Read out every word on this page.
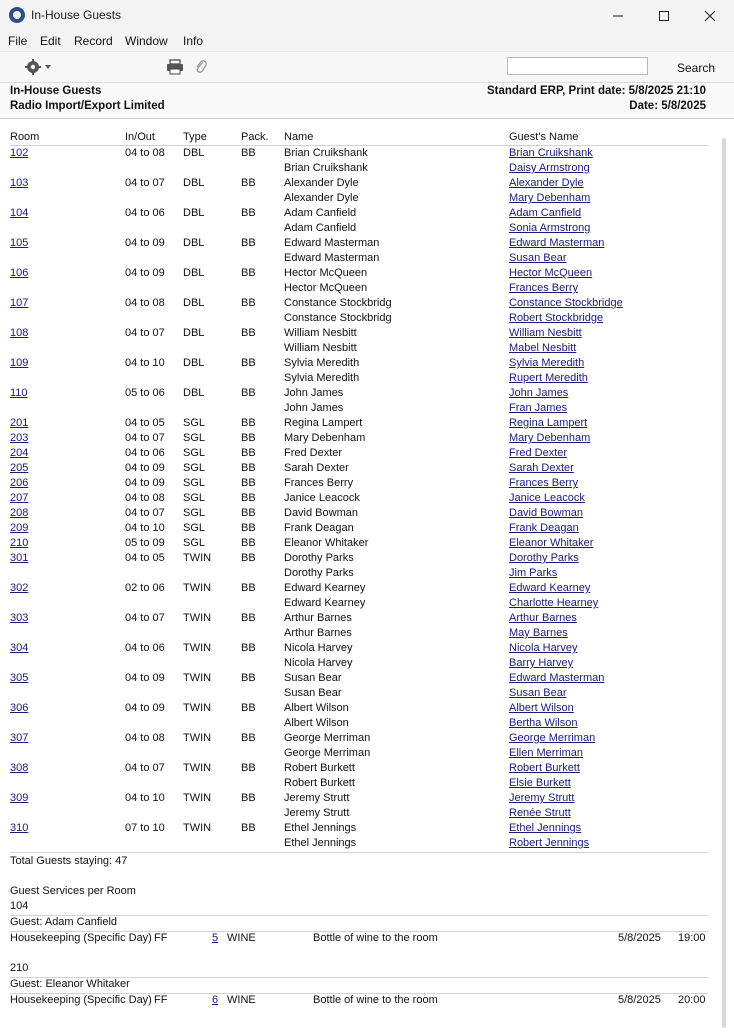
In-House Guests
File Edit Record Window Info
Search
In-House Guests
Radio Import/Export Limited
Standard ERP, Print date: 5/8/2025 21:10
Date: 5/8/2025
Room	In/Out	Type	Pack. Name	Guest's Name
102	04 to 08 DBL	BB	Brian Cruikshank	Brian Cruikshank
Brian Cruikshank	Daisy Armstrong
103	04 to 07 DBL	BB	Alexander Dyle	Alexander Dyle
Alexander Dyle	Mary Debenham
104	04 to 06 DBL	BB	Adam Canfield	Adam Canfield
Adam Canfield	Sonia Armstrong
105	04 to 09 DBL	BB	Edward Masterman	Edward Masterman
Edward Masterman	Susan Bear
106	04 to 09 DBL	BB	Hector McQueen	Hector McQueen
Hector McQueen	Frances Berry
107	04 to 08 DBL	BB	Constance Stockbridg	Constance Stockbridge
Constance Stockbridg	Robert Stockbridge
108	04 to 07 DBL	BB	William Nesbitt	William Nesbitt
William Nesbitt	Mabel Nesbitt
109	04 to 10 DBL	BB	Sylvia Meredith	Sylvia Meredith
Sylvia Meredith	Rupert Meredith
110	05 to 06 DBL	BB	John James	John James
John James	Fran James
201	04 to 05 SGL	BB	Regina Lampert	Regina Lampert
203	04 to 07 SGL	BB	Mary Debenham	Mary Debenham
204	04 to 06 SGL	BB	Fred Dexter	Fred Dexter
205	04 to 09 SGL	BB	Sarah Dexter	Sarah Dexter
206	04 to 09 SGL	BB	Frances Berry	Frances Berry
207	04 to 08 SGL	BB	Janice Leacock	Janice Leacock
208	04 to 07 SGL	BB	David Bowman	David Bowman
209	04 to 10 SGL	BB	Frank Deagan	Frank Deagan
210	05 to 09 SGL	BB	Eleanor Whitaker	Eleanor Whitaker
301	04 to 05 TWIN	BB	Dorothy Parks	Dorothy Parks
Dorothy Parks	Jim Parks
302	02 to 06 TWIN	BB	Edward Kearney	Edward Kearney
Edward Kearney	Charlotte Hearney
303	04 to 07 TWIN	BB	Arthur Barnes	Arthur Barnes
Arthur Barnes	May Barnes
304	04 to 06 TWIN	BB	Nicola Harvey	Nicola Harvey
Nicola Harvey	Barry Harvey
305	04 to 09 TWIN	BB	Susan Bear	Edward Masterman
Susan Bear	Susan Bear
306	04 to 09 TWIN	BB	Albert Wilson	Albert Wilson
Albert Wilson	Bertha Wilson
307	04 to 08 TWIN	BB	George Merriman	George Merriman
George Merriman	Ellen Merriman
308	04 to 07 TWIN	BB	Robert Burkett	Robert Burkett
Robert Burkett	Elsie Burkett
309	04 to 10 TWIN	BB	Jeremy Strutt	Jeremy Strutt
Jeremy Strutt	Renée Strutt
310	07 to 10 TWIN	BB	Ethel Jennings	Ethel Jennings
Ethel Jennings	Robert Jennings
Total Guests staying: 47
Guest Services per Room
104
Guest: Adam Canfield
Housekeeping (Specific Day) FF	5 WINE	Bottle of wine to the room	5/8/2025 19:00
210
Guest: Eleanor Whitaker
Housekeeping (Specific Day) FF	6 WINE	Bottle of wine to the room	5/8/2025 20:00
